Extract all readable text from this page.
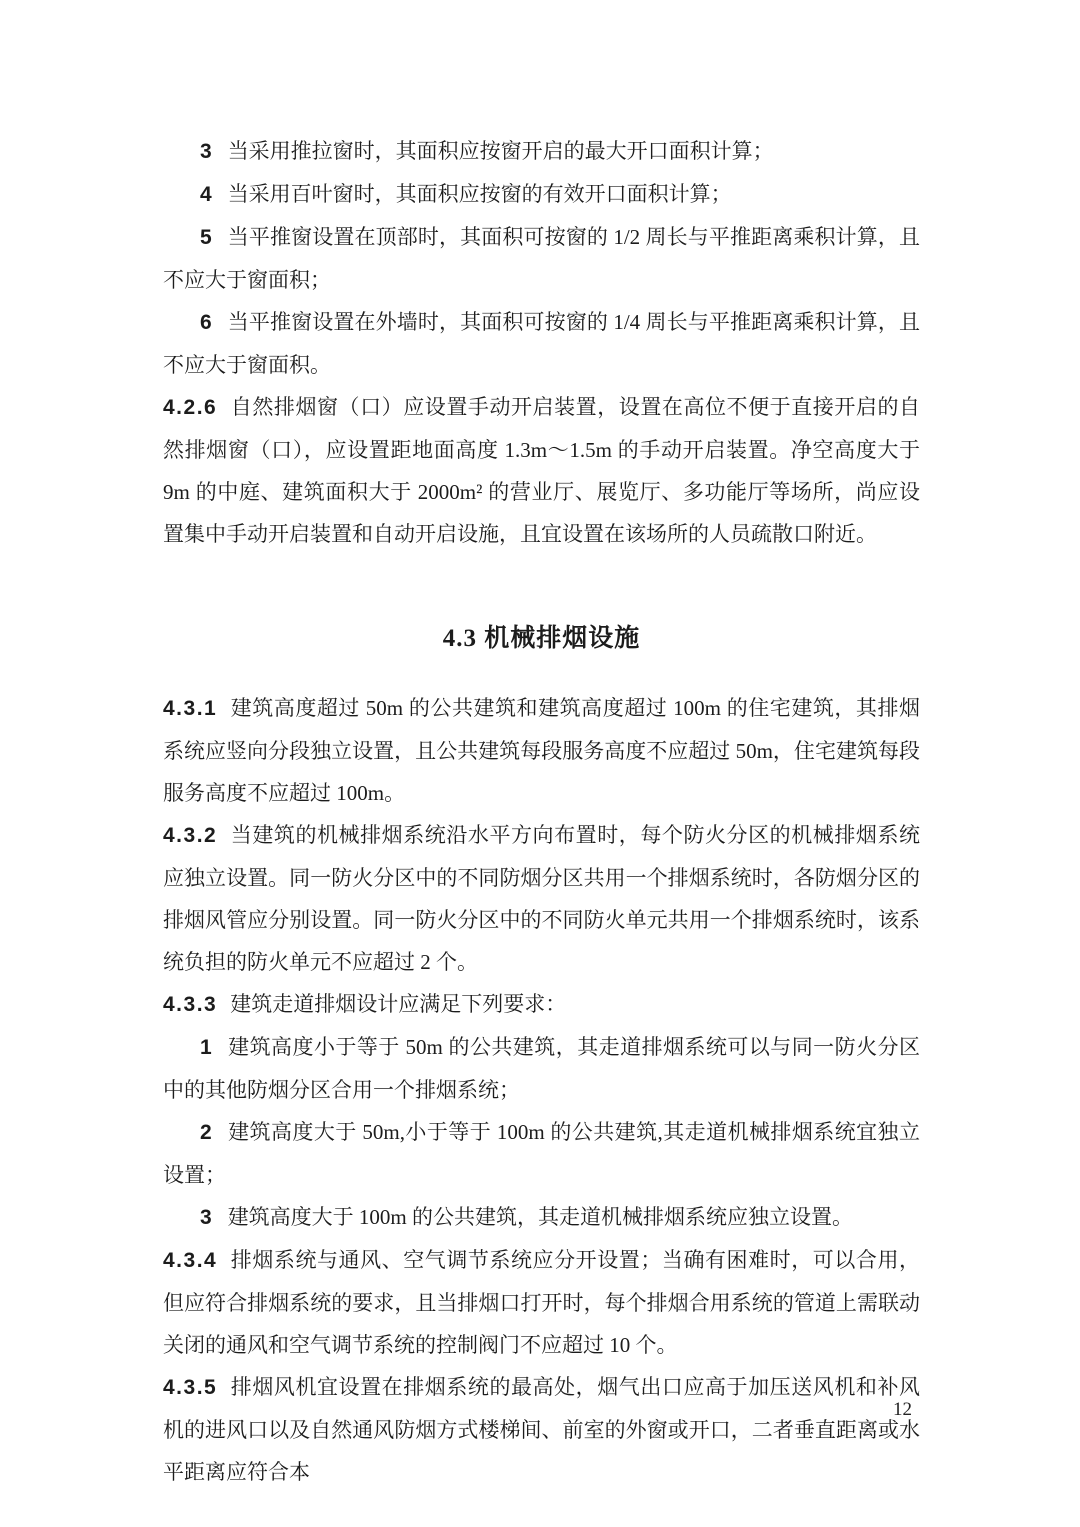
3 当采用推拉窗时，其面积应按窗开启的最大开口面积计算；

4 当采用百叶窗时，其面积应按窗的有效开口面积计算；

5 当平推窗设置在顶部时，其面积可按窗的 1/2 周长与平推距离乘积计算，且不应大于窗面积；

6 当平推窗设置在外墙时，其面积可按窗的 1/4 周长与平推距离乘积计算，且不应大于窗面积。

4.2.6 自然排烟窗（口）应设置手动开启装置，设置在高位不便于直接开启的自然排烟窗（口），应设置距地面高度 1.3m～1.5m 的手动开启装置。净空高度大于 9m 的中庭、建筑面积大于 2000m² 的营业厅、展览厅、多功能厅等场所，尚应设置集中手动开启装置和自动开启设施，且宜设置在该场所的人员疏散口附近。

4.3 机械排烟设施

4.3.1 建筑高度超过 50m 的公共建筑和建筑高度超过 100m 的住宅建筑，其排烟系统应竖向分段独立设置，且公共建筑每段服务高度不应超过 50m，住宅建筑每段服务高度不应超过 100m。

4.3.2 当建筑的机械排烟系统沿水平方向布置时，每个防火分区的机械排烟系统应独立设置。同一防火分区中的不同防烟分区共用一个排烟系统时，各防烟分区的排烟风管应分别设置。同一防火分区中的不同防火单元共用一个排烟系统时，该系统负担的防火单元不应超过 2 个。

4.3.3 建筑走道排烟设计应满足下列要求：

1 建筑高度小于等于 50m 的公共建筑，其走道排烟系统可以与同一防火分区中的其他防烟分区合用一个排烟系统；

2 建筑高度大于 50m,小于等于 100m 的公共建筑,其走道机械排烟系统宜独立设置；

3 建筑高度大于 100m 的公共建筑，其走道机械排烟系统应独立设置。

4.3.4 排烟系统与通风、空气调节系统应分开设置；当确有困难时，可以合用，但应符合排烟系统的要求，且当排烟口打开时，每个排烟合用系统的管道上需联动关闭的通风和空气调节系统的控制阀门不应超过 10 个。

4.3.5 排烟风机宜设置在排烟系统的最高处，烟气出口应高于加压送风机和补风机的进风口以及自然通风防烟方式楼梯间、前室的外窗或开口，二者垂直距离或水平距离应符合本

12
